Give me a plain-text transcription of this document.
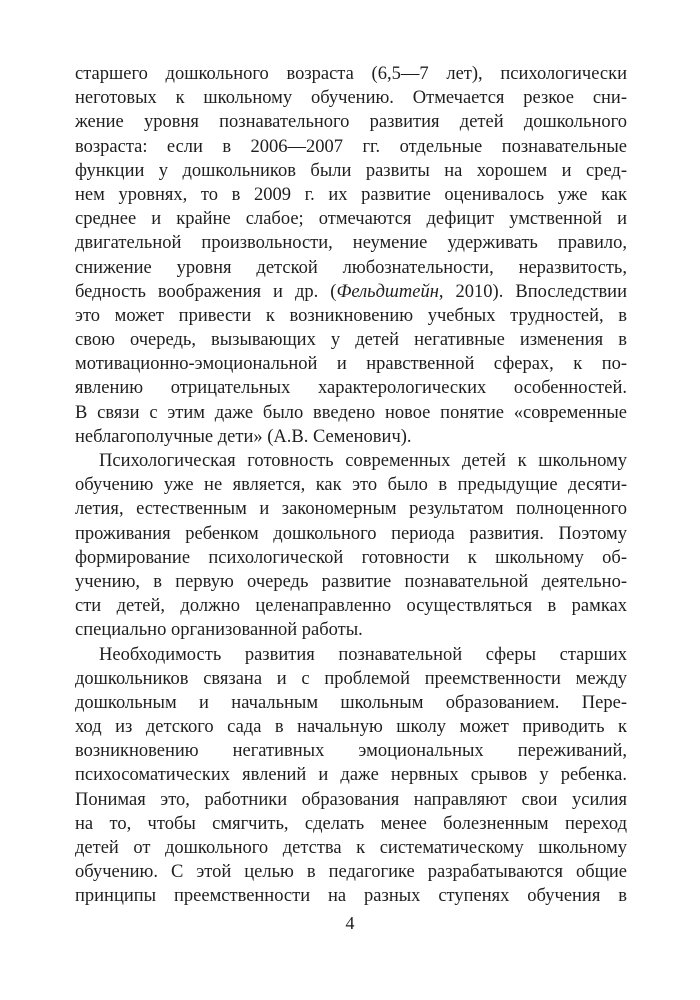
старшего дошкольного возраста (6,5—7 лет), психологически
неготовых к школьному обучению. Отмечается резкое сни-
жение уровня познавательного развития детей дошкольного
возраста: если в 2006—2007 гг. отдельные познавательные
функции у дошкольников были развиты на хорошем и сред-
нем уровнях, то в 2009 г. их развитие оценивалось уже как
среднее и крайне слабое; отмечаются дефицит умственной и
двигательной произвольности, неумение удерживать правило,
снижение уровня детской любознательности, неразвитость,
бедность воображения и др. (Фельдштейн, 2010). Впоследствии
это может привести к возникновению учебных трудностей, в
свою очередь, вызывающих у детей негативные изменения в
мотивационно-эмоциональной и нравственной сферах, к по-
явлению отрицательных характерологических особенностей.
В связи с этим даже было введено новое понятие «современные
неблагополучные дети» (А.В. Семенович).
Психологическая готовность современных детей к школьному
обучению уже не является, как это было в предыдущие десяти-
летия, естественным и закономерным результатом полноценного
проживания ребенком дошкольного периода развития. Поэтому
формирование психологической готовности к школьному об-
учению, в первую очередь развитие познавательной деятельно-
сти детей, должно целенаправленно осуществляться в рамках
специально организованной работы.
Необходимость развития познавательной сферы старших
дошкольников связана и с проблемой преемственности между
дошкольным и начальным школьным образованием. Пере-
ход из детского сада в начальную школу может приводить к
возникновению негативных эмоциональных переживаний,
психосоматических явлений и даже нервных срывов у ребенка.
Понимая это, работники образования направляют свои усилия
на то, чтобы смягчить, сделать менее болезненным переход
детей от дошкольного детства к систематическому школьному
обучению. С этой целью в педагогике разрабатываются общие
принципы преемственности на разных ступенях обучения в
4
